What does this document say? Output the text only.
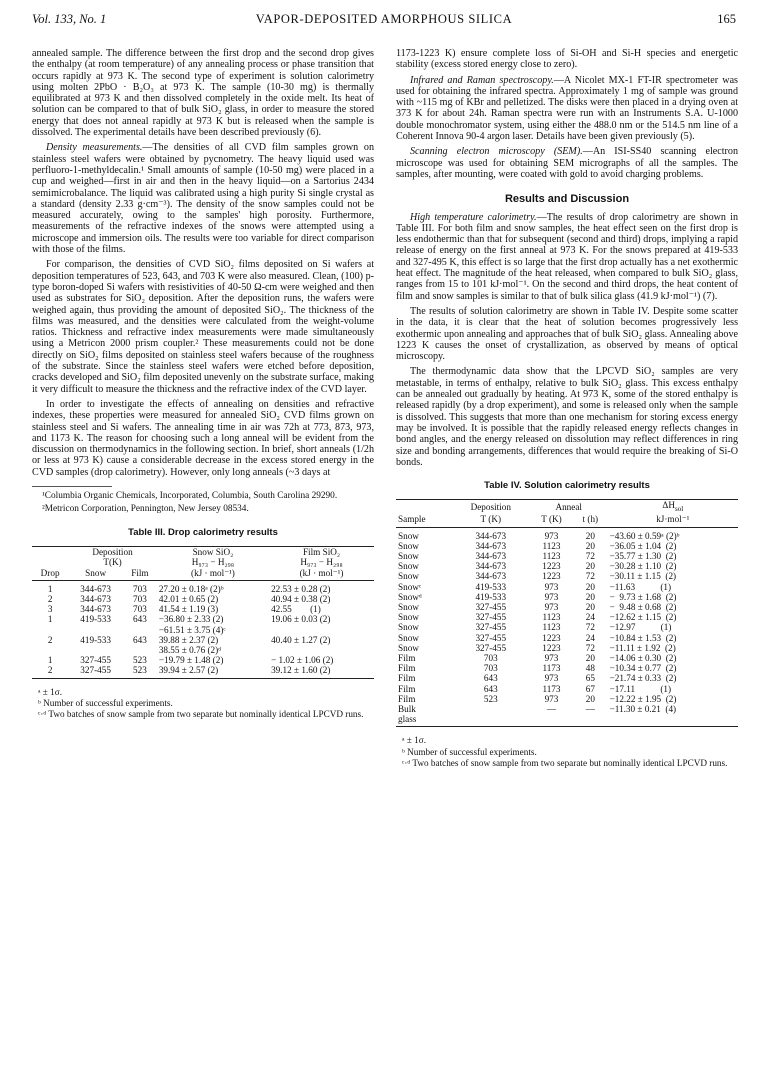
Vol. 133, No. 1	VAPOR-DEPOSITED AMORPHOUS SILICA	165

annealed sample. The difference between the first drop and the second drop gives the enthalpy (at room temperature) of any annealing process or phase transition that occurs rapidly at 973 K. The second type of experiment is solution calorimetry using molten 2PbO · B₂O₃ at 973 K. The sample (10-30 mg) is thermally equilibrated at 973 K and then dissolved completely in the oxide melt. Its heat of solution can be compared to that of bulk SiO₂ glass, in order to measure the stored energy that does not anneal rapidly at 973 K but is released when the sample is dissolved. The experimental details have been described previously (6).

Density measurements.—The densities of all CVD film samples grown on stainless steel wafers were obtained by pycnometry. The heavy liquid used was perfluoro-1-methyldecalin.¹ Small amounts of sample (10-50 mg) were placed in a cup and weighed—first in air and then in the heavy liquid—on a Sartorius 2434 semimicrobalance. The liquid was calibrated using a high purity Si single crystal as a standard (density 2.33 g·cm⁻³). The density of the snow samples could not be measured accurately, owing to the samples' high porosity. Furthermore, measurements of the refractive indexes of the snows were attempted using a microscope and immersion oils. The results were too variable for direct comparison with those of the films.

For comparison, the densities of CVD SiO₂ films deposited on Si wafers at deposition temperatures of 523, 643, and 703 K were also measured. Clean, (100) p-type boron-doped Si wafers with resistivities of 40-50 Ω-cm were weighed and then used as substrates for SiO₂ deposition. After the deposition runs, the wafers were weighed again, thus providing the amount of deposited SiO₂. The thickness of the films was measured, and the densities were calculated from the weight-volume ratios. Thickness and refractive index measurements were made simultaneously using a Metricon 2000 prism coupler.² These measurements could not be done directly on SiO₂ films deposited on stainless steel wafers because of the roughness of the substrate. Since the stainless steel wafers were etched before deposition, cracks developed and SiO₂ film deposited unevenly on the substrate surface, making it very difficult to measure the thickness and the refractive index of the CVD layer.

In order to investigate the effects of annealing on densities and refractive indexes, these properties were measured for annealed SiO₂ CVD films grown on stainless steel and Si wafers. The annealing time in air was 72h at 773, 873, 973, and 1173 K. The reason for choosing such a long anneal will be evident from the discussion on thermodynamics in the following section. In brief, short anneals (1/2h or less at 973 K) cause a considerable decrease in the excess stored energy in the CVD samples (drop calorimetry). However, only long anneals (~3 days at

¹Columbia Organic Chemicals, Incorporated, Columbia, South Carolina 29290.

²Metricon Corporation, Pennington, New Jersey 08534.

Table III. Drop calorimetry results
	Deposition		Snow SiO₂	Film SiO₂
	T(K)		H₉₇₃ − H₂₉₈	H₉₇₃ − H₂₉₈
Drop	Snow	Film	(kJ · mol⁻¹)	(kJ · mol⁻¹)
1	344-673	703	27.20 ± 0.18ᵃ (2)ᵇ	22.53 ± 0.28 (2)
2	344-673	703	42.01 ± 0.65 (2)	40.94 ± 0.38 (2)
3	344-673	703	41.54 ± 1.19 (3)	42.55        (1)
1	419-533	643	−36.80 ± 2.33 (2)	19.06 ± 0.03 (2)
			−61.51 ± 3.75 (4)ᶜ	
2	419-533	643	39.88 ± 2.37 (2)	40.40 ± 1.27 (2)
			38.55 ± 0.76 (2)ᵈ	
1	327-455	523	−19.79 ± 1.48 (2)	− 1.02 ± 1.06 (2)
2	327-455	523	39.94 ± 2.57 (2)	39.12 ± 1.60 (2)
ᵃ ± 1σ.
ᵇ Number of successful experiments.
ᶜ·ᵈ Two batches of snow sample from two separate but nominally identical LPCVD runs.

1173-1223 K) ensure complete loss of Si-OH and Si-H species and energetic stability (excess stored energy close to zero).

Infrared and Raman spectroscopy.—A Nicolet MX-1 FT-IR spectrometer was used for obtaining the infrared spectra. Approximately 1 mg of sample was ground with ~115 mg of KBr and pelletized. The disks were then placed in a drying oven at 373 K for about 24h. Raman spectra were run with an Instruments S.A. U-1000 double monochromator system, using either the 488.0 nm or the 514.5 nm line of a Coherent Innova 90-4 argon laser. Details have been given previously (5).

Scanning electron microscopy (SEM).—An ISI-SS40 scanning electron microscope was used for obtaining SEM micrographs of all the samples. The samples, after mounting, were coated with gold to avoid charging problems.

Results and Discussion

High temperature calorimetry.—The results of drop calorimetry are shown in Table III. For both film and snow samples, the heat effect seen on the first drop is less endothermic than that for subsequent (second and third) drops, implying a rapid release of energy on the first anneal at 973 K. For the snows prepared at 419-533 and 327-495 K, this effect is so large that the first drop actually has a net exothermic heat effect. The magnitude of the heat released, when compared to bulk SiO₂ glass, ranges from 15 to 101 kJ·mol⁻¹. On the second and third drops, the heat content of film and snow samples is similar to that of bulk silica glass (41.9 kJ·mol⁻¹) (7).

The results of solution calorimetry are shown in Table IV. Despite some scatter in the data, it is clear that the heat of solution becomes progressively less exothermic upon annealing and approaches that of bulk SiO₂ glass. Annealing above 1223 K causes the onset of crystallization, as observed by means of optical microscopy.

The thermodynamic data show that the LPCVD SiO₂ samples are very metastable, in terms of enthalpy, relative to bulk SiO₂ glass. This excess enthalpy can be annealed out gradually by heating. At 973 K, some of the stored enthalpy is released rapidly (by a drop experiment), and some is released only when the sample is dissolved. This suggests that more than one mechanism for storing excess energy may be involved. It is possible that the rapidly released energy reflects changes in bond angles, and the energy released on dissolution may reflect differences in ring size and bonding arrangements, differences that would require the breaking of Si-O bonds.

Table IV. Solution calorimetry results
	Deposition	Anneal		$\Delta H_{sol}$
Sample	T (K)	T (K)	t (h)	kJ·mol⁻¹
Snow	344-673	973	20	−43.60 ± 0.59ᵃ (2)ᵇ
Snow	344-673	1123	20	−36.05 ± 1.04  (2)
Snow	344-673	1123	72	−35.77 ± 1.30  (2)
Snow	344-673	1223	20	−30.28 ± 1.10  (2)
Snow	344-673	1223	72	−30.11 ± 1.15  (2)
Snowᶜ	419-533	973	20	−11.63           (1)
Snowᵈ	419-533	973	20	−  9.73 ± 1.68  (2)
Snow	327-455	973	20	−  9.48 ± 0.68  (2)
Snow	327-455	1123	24	−12.62 ± 1.15  (2)
Snow	327-455	1123	72	−12.97           (1)
Snow	327-455	1223	24	−10.84 ± 1.53  (2)
Snow	327-455	1223	72	−11.11 ± 1.92  (2)
Film	703	973	20	−14.06 ± 0.30  (2)
Film	703	1173	48	−10.34 ± 0.77  (2)
Film	643	973	65	−21.74 ± 0.33  (2)
Film	643	1173	67	−17.11           (1)
Film	523	973	20	−12.22 ± 1.95  (2)
Bulk		—	—	−11.30 ± 0.21  (4)
glass				
ᵃ ± 1σ.
ᵇ Number of successful experiments.
ᶜ·ᵈ Two batches of snow sample from two separate but nominally identical LPCVD runs.
